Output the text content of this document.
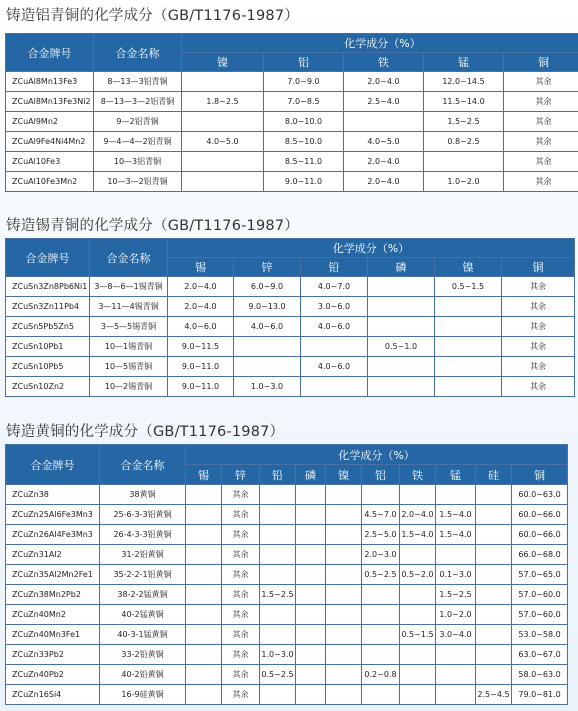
铸造铝青铜的化学成分（GB/T1176-1987）
合金牌号	合金名称	化学成分（%）				
		镍	铝	铁	锰	铜
ZCuAl8Mn13Fe3	8—13—3铝青铜		7.0~9.0	2.0~4.0	12.0~14.5	其余
ZCuAl8Mn13Fe3Ni2	8—13—3—2铝青铜	1.8~2.5	7.0~8.5	2.5~4.0	11.5~14.0	其余
ZCuAl9Mn2	9—2铝青铜		8.0~10.0		1.5~2.5	其余
ZCuAl9Fe4Ni4Mn2	9—4—4—2铝青铜	4.0~5.0	8.5~10.0	4.0~5.0	0.8~2.5	其余
ZCuAl10Fe3	10—3铝青铜		8.5~11.0	2.0~4.0		其余
ZCuAl10Fe3Mn2	10—3—2铝青铜		9.0~11.0	2.0~4.0	1.0~2.0	其余
铸造锡青铜的化学成分（GB/T1176-1987）
合金牌号	合金名称	化学成分（%）					
		锡	锌	铅	磷	镍	铜
ZCuSn3Zn8Pb6Ni1	3—8—6—1锡青铜	2.0~4.0	6.0~9.0	4.0~7.0		0.5~1.5	其余
ZCuSn3Zn11Pb4	3—11—4锡青铜	2.0~4.0	9.0~13.0	3.0~6.0			其余
ZCuSn5Pb5Zn5	3—5—5锡青铜	4.0~6.0	4.0~6.0	4.0~6.0			其余
ZCuSn10Pb1	10—1锡青铜	9.0~11.5			0.5~1.0		其余
ZCuSn10Pb5	10—5锡青铜	9.0~11.0		4.0~6.0			其余
ZCuSn10Zn2	10—2锡青铜	9.0~11.0	1.0~3.0				其余
铸造黄铜的化学成分（GB/T1176-1987）
合金牌号	合金名称	化学成分（%）									
		锡	锌	铅	磷	镍	铝	铁	锰	硅	铜
ZCuZn38	38黄铜		其余								60.0~63.0
ZCuZn25Al6Fe3Mn3	25-6-3-3铝黄铜		其余				4.5~7.0	2.0~4.0	1.5~4.0		60.0~66.0
ZCuZn26Al4Fe3Mn3	26-4-3-3铝黄铜		其余				2.5~5.0	1.5~4.0	1.5~4.0		60.0~66.0
ZCuZn31Al2	31-2铝黄铜		其余				2.0~3.0				66.0~68.0
ZCuZn35Al2Mn2Fe1	35-2-2-1铝黄铜		其余				0.5~2.5	0.5~2.0	0.1~3.0		57.0~65.0
ZCuZn38Mn2Pb2	38-2-2锰黄铜		其余	1.5~2.5					1.5~2.5		57.0~60.0
ZCuZn40Mn2	40-2锰黄铜		其余						1.0~2.0		57.0~60.0
ZCuZn40Mn3Fe1	40-3-1锰黄铜		其余					0.5~1.5	3.0~4.0		53.0~58.0
ZCuZn33Pb2	33-2铅黄铜		其余	1.0~3.0							63.0~67.0
ZCuZn40Pb2	40-2铅黄铜		其余	0.5~2.5			0.2~0.8				58.0~63.0
ZCuZn16Si4	16-9硅黄铜		其余							2.5~4.5	79.0~81.0
